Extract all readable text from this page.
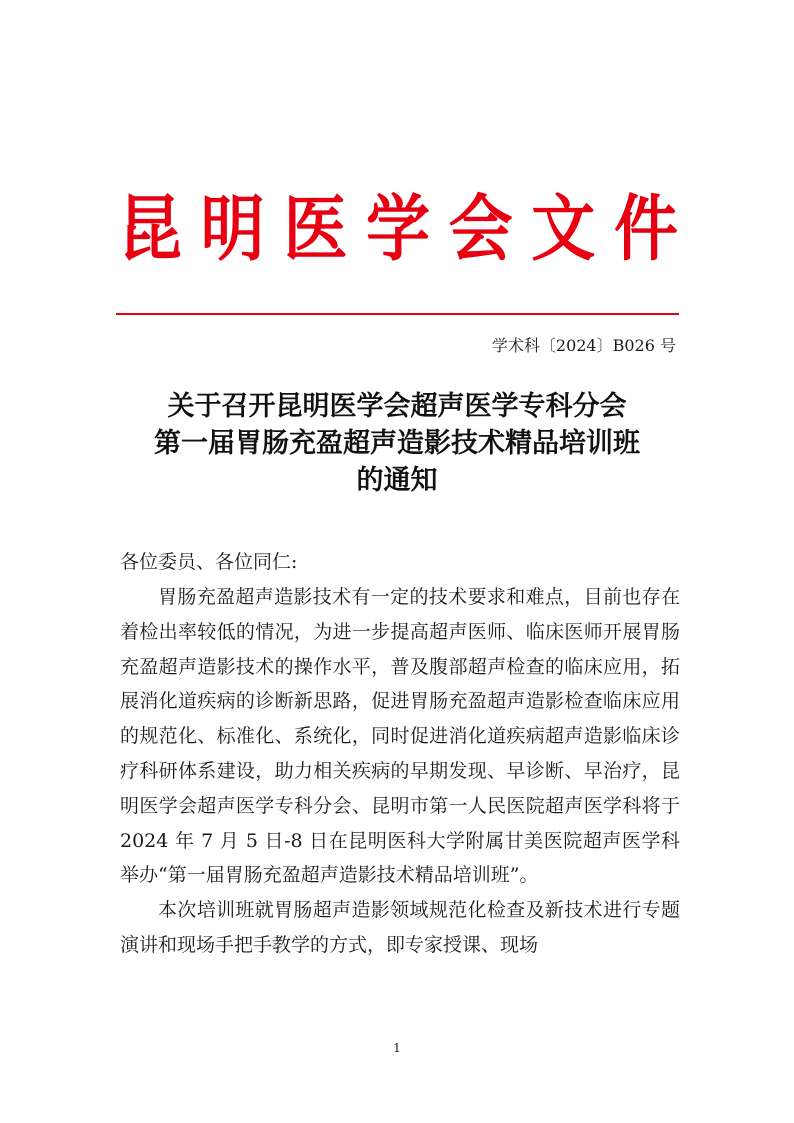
昆 明 医 学 会 文 件
学术科〔2024〕B026 号
关于召开昆明医学会超声医学专科分会
第一届胃肠充盈超声造影技术精品培训班
的通知
各位委员、各位同仁:

胃肠充盈超声造影技术有一定的技术要求和难点，目前也存在着检出率较低的情况，为进一步提高超声医师、临床医师开展胃肠充盈超声造影技术的操作水平，普及腹部超声检查的临床应用，拓展消化道疾病的诊断新思路，促进胃肠充盈超声造影检查临床应用的规范化、标准化、系统化，同时促进消化道疾病超声造影临床诊疗科研体系建设，助力相关疾病的早期发现、早诊断、早治疗，昆明医学会超声医学专科分会、昆明市第一人民医院超声医学科将于 2024 年 7 月 5 日-8 日在昆明医科大学附属甘美医院超声医学科举办“第一届胃肠充盈超声造影技术精品培训班”。

本次培训班就胃肠超声造影领域规范化检查及新技术进行专题演讲和现场手把手教学的方式，即专家授课、现场

1
